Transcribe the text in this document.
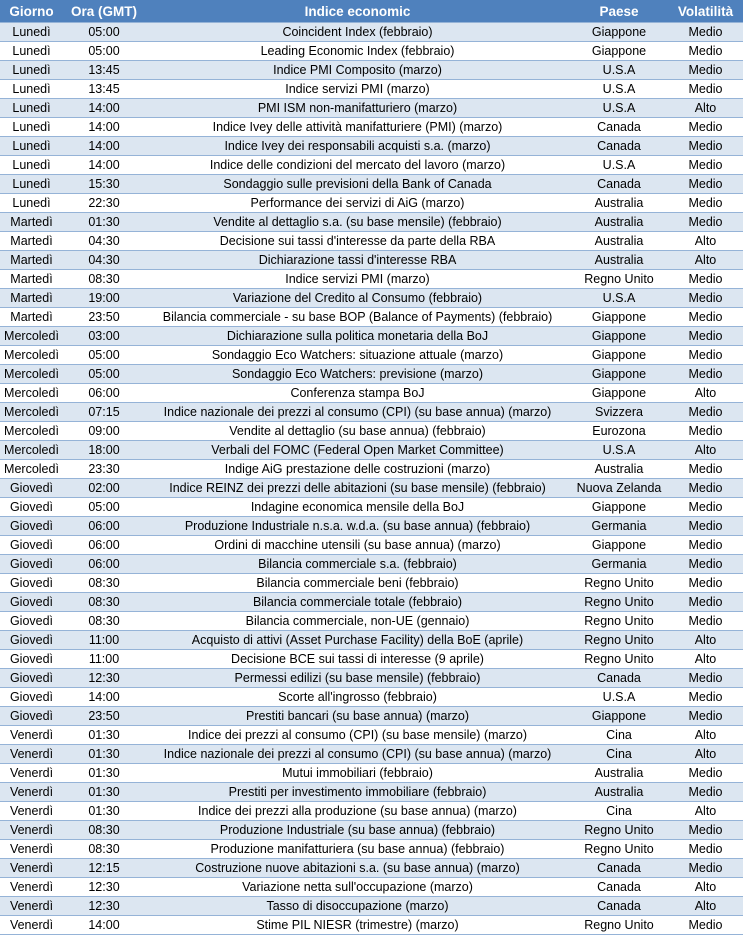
Giorno	Ora (GMT)	Indice economic	Paese	Volatilità
Lunedì	05:00	Coincident Index (febbraio)	Giappone	Medio
Lunedì	05:00	Leading Economic Index (febbraio)	Giappone	Medio
Lunedì	13:45	Indice PMI Composito (marzo)	U.S.A	Medio
Lunedì	13:45	Indice servizi PMI (marzo)	U.S.A	Medio
Lunedì	14:00	PMI ISM non-manifatturiero (marzo)	U.S.A	Alto
Lunedì	14:00	Indice Ivey delle attività manifatturiere (PMI) (marzo)	Canada	Medio
Lunedì	14:00	Indice Ivey dei responsabili acquisti s.a. (marzo)	Canada	Medio
Lunedì	14:00	Indice delle condizioni del mercato del lavoro (marzo)	U.S.A	Medio
Lunedì	15:30	Sondaggio sulle previsioni della Bank of Canada	Canada	Medio
Lunedì	22:30	Performance dei servizi di AiG (marzo)	Australia	Medio
Martedì	01:30	Vendite al dettaglio s.a. (su base mensile) (febbraio)	Australia	Medio
Martedì	04:30	Decisione sui tassi d'interesse da parte della RBA	Australia	Alto
Martedì	04:30	Dichiarazione tassi d'interesse RBA	Australia	Alto
Martedì	08:30	Indice servizi PMI (marzo)	Regno Unito	Medio
Martedì	19:00	Variazione del Credito al Consumo (febbraio)	U.S.A	Medio
Martedì	23:50	Bilancia commerciale - su base BOP (Balance of Payments) (febbraio)	Giappone	Medio
Mercoledì	03:00	Dichiarazione sulla politica monetaria della BoJ	Giappone	Medio
Mercoledì	05:00	Sondaggio Eco Watchers: situazione attuale (marzo)	Giappone	Medio
Mercoledì	05:00	Sondaggio Eco Watchers: previsione (marzo)	Giappone	Medio
Mercoledì	06:00	Conferenza stampa BoJ	Giappone	Alto
Mercoledì	07:15	Indice nazionale dei prezzi al consumo (CPI) (su base annua) (marzo)	Svizzera	Medio
Mercoledì	09:00	Vendite al dettaglio (su base annua) (febbraio)	Eurozona	Medio
Mercoledì	18:00	Verbali del FOMC (Federal Open Market Committee)	U.S.A	Alto
Mercoledì	23:30	Indige AiG prestazione delle costruzioni (marzo)	Australia	Medio
Giovedì	02:00	Indice REINZ dei prezzi delle abitazioni (su base mensile) (febbraio)	Nuova Zelanda	Medio
Giovedì	05:00	Indagine economica mensile della BoJ	Giappone	Medio
Giovedì	06:00	Produzione Industriale n.s.a. w.d.a. (su base annua) (febbraio)	Germania	Medio
Giovedì	06:00	Ordini di macchine utensili (su base annua) (marzo)	Giappone	Medio
Giovedì	06:00	Bilancia commerciale s.a. (febbraio)	Germania	Medio
Giovedì	08:30	Bilancia commerciale beni (febbraio)	Regno Unito	Medio
Giovedì	08:30	Bilancia commerciale totale (febbraio)	Regno Unito	Medio
Giovedì	08:30	Bilancia commerciale, non-UE (gennaio)	Regno Unito	Medio
Giovedì	11:00	Acquisto di attivi (Asset Purchase Facility) della BoE (aprile)	Regno Unito	Alto
Giovedì	11:00	Decisione BCE sui tassi di interesse (9 aprile)	Regno Unito	Alto
Giovedì	12:30	Permessi edilizi (su base mensile) (febbraio)	Canada	Medio
Giovedì	14:00	Scorte all'ingrosso (febbraio)	U.S.A	Medio
Giovedì	23:50	Prestiti bancari (su base annua) (marzo)	Giappone	Medio
Venerdì	01:30	Indice dei prezzi al consumo (CPI) (su base mensile) (marzo)	Cina	Alto
Venerdì	01:30	Indice nazionale dei prezzi al consumo (CPI) (su base annua) (marzo)	Cina	Alto
Venerdì	01:30	Mutui immobiliari (febbraio)	Australia	Medio
Venerdì	01:30	Prestiti per investimento immobiliare (febbraio)	Australia	Medio
Venerdì	01:30	Indice dei prezzi alla produzione (su base annua) (marzo)	Cina	Alto
Venerdì	08:30	Produzione Industriale (su base annua) (febbraio)	Regno Unito	Medio
Venerdì	08:30	Produzione manifatturiera (su base annua) (febbraio)	Regno Unito	Medio
Venerdì	12:15	Costruzione nuove abitazioni s.a. (su base annua) (marzo)	Canada	Medio
Venerdì	12:30	Variazione netta sull'occupazione (marzo)	Canada	Alto
Venerdì	12:30	Tasso di disoccupazione (marzo)	Canada	Alto
Venerdì	14:00	Stime PIL NIESR (trimestre) (marzo)	Regno Unito	Medio
